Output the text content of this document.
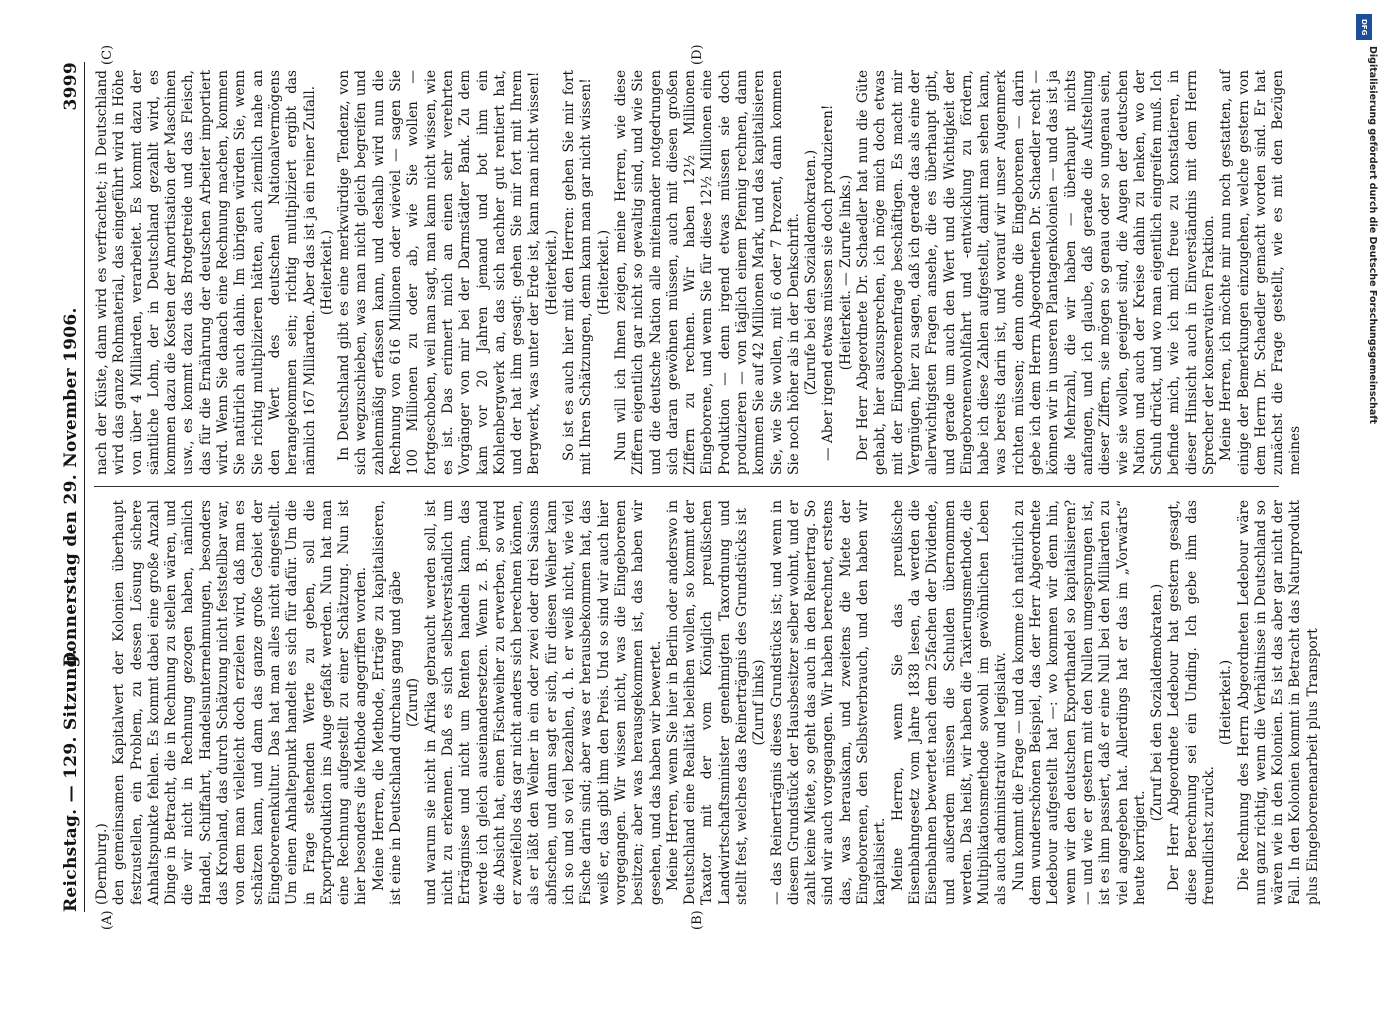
Reichstag. — 129. Sitzung.
Donnerstag den 29. November 1906.
3999
(A)	(B)
(C)	(D)

(Dernburg.) den gemeinsamen Kapitalwert der Kolonien überhaupt festzustellen, ein Problem, zu dessen Lösung sichere Anhaltspunkte fehlen. Es kommt dabei eine große Anzahl Dinge in Betracht, die in Rechnung zu stellen wären, und die wir nicht in Rechnung gezogen haben, nämlich Handel, Schiffahrt, Handelsunternehmungen, besonders das Kronland, das durch Schätzung nicht feststellbar war, von dem man vielleicht doch erzielen wird, daß man es schätzen kann, und dann das ganze große Gebiet der Eingeborenenkultur. Das hat man alles nicht eingestellt. Um einen Anhaltepunkt handelt es sich für dafür. Um die in Frage stehenden Werte zu geben, soll die Exportproduktion ins Auge gefaßt werden. Nun hat man eine Rechnung aufgestellt zu einer Schätzung. Nun ist hier besonders die Methode angegriffen worden. Meine Herren, die Methode, Erträge zu kapitalisieren, ist eine in Deutschland durchaus gang und gäbe (Zuruf) und warum sie nicht in Afrika gebraucht werden soll, ist nicht zu erkennen. Daß es sich selbstverständlich um Erträgnisse und nicht um Renten handeln kann, das werde ich gleich auseinandersetzen. Wenn z. B. jemand die Absicht hat, einen Fischweiher zu erwerben, so wird er zweifellos das gar nicht anders sich berechnen können, als er läßt den Weiher in ein oder zwei oder drei Saisons abfischen, und dann sagt er sich, für diesen Weiher kann ich so und so viel bezahlen, d. h. er weiß nicht, wie viel Fische darin sind; aber was er herausbekommen hat, das weiß er, das gibt ihm den Preis. Und so sind wir auch hier vorgegangen. Wir wissen nicht, was die Eingeborenen besitzen; aber was herausgekommen ist, das haben wir gesehen, und das haben wir bewertet. Meine Herren, wenn Sie hier in Berlin oder anderswo in Deutschland eine Realität beleihen wollen, so kommt der Taxator mit der vom Königlich preußischen Landwirtschaftsminister genehmigten Taxordnung und stellt fest, welches das Reinerträgnis des Grundstücks ist (Zuruf links) — das Reinerträgnis dieses Grundstücks ist; und wenn in diesem Grundstück der Hausbesitzer selber wohnt, und er zahlt keine Miete, so geht das auch in den Reinertrag. So sind wir auch vorgegangen. Wir haben berechnet, erstens das, was herauskam, und zweitens die Miete der Eingeborenen, den Selbstverbrauch, und den haben wir kapitalisiert. Meine Herren, wenn Sie das preußische Eisenbahngesetz vom Jahre 1838 lesen, da werden die Eisenbahnen bewertet nach dem 25fachen der Dividende, und außerdem müssen die Schulden übernommen werden. Das heißt, wir haben die Taxierungsmethode, die Multiplikationsmethode sowohl im gewöhnlichen Leben als auch administrativ und legislativ. Nun kommt die Frage — und da komme ich natürlich zu dem wunderschönen Beispiel, das der Herr Abgeordnete Ledebour aufgestellt hat —: wo kommen wir denn hin, wenn wir den deutschen Exporthandel so kapitalisieren? — und wie er gestern mit den Nullen umgesprungen ist, ist es ihm passiert, daß er eine Null bei den Milliarden zu viel angegeben hat. Allerdings hat er das im „Vorwärts“ heute korrigiert.

(Zuruf bei den Sozialdemokraten.) Der Herr Abgeordnete Ledebour hat gestern gesagt, diese Berechnung sei ein Unding. Ich gebe ihm das freundlichst zurück.

(Heiterkeit.) Die Rechnung des Herrn Abgeordneten Ledebour wäre nun ganz richtig, wenn die Verhältnisse in Deutschland so wären wie in den Kolonien. Es ist das aber gar nicht der Fall. In den Kolonien kommt in Betracht das Naturprodukt plus Eingeborenenarbeit plus Transport

nach der Küste, dann wird es verfrachtet; in Deutschland wird das ganze Rohmaterial, das eingeführt wird in Höhe von über 4 Milliarden, verarbeitet. Es kommt dazu der sämtliche Lohn, der in Deutschland gezahlt wird, es kommen dazu die Kosten der Amortisation der Maschinen usw., es kommt dazu das Brotgetreide und das Fleisch, das für die Ernährung der deutschen Arbeiter importiert wird. Wenn Sie danach eine Rechnung machen, kommen Sie natürlich auch dahin. Im übrigen würden Sie, wenn Sie richtig multiplizieren hätten, auch ziemlich nahe an den Wert des deutschen Nationalvermögens herangekommen sein; richtig multipliziert ergibt das nämlich 167 Milliarden. Aber das ist ja ein reiner Zufall. (Heiterkeit.) In Deutschland gibt es eine merkwürdige Tendenz, von sich wegzuschieben, was man nicht gleich begreifen und zahlenmäßig erfassen kann, und deshalb wird nun die Rechnung von 616 Millionen oder wieviel — sagen Sie 100 Millionen zu oder ab, wie Sie wollen — fortgeschoben, weil man sagt, man kann nicht wissen, wie es ist. Das erinnert mich an einen sehr verehrten Vorgänger von mir bei der Darmstädter Bank. Zu dem kam vor 20 Jahren jemand und bot ihm ein Kohlenbergwerk an, das sich nachher gut rentiert hat, und der hat ihm gesagt: gehen Sie mir fort mit Ihrem Bergwerk, was unter der Erde ist, kann man nicht wissen! (Heiterkeit.) So ist es auch hier mit den Herren: gehen Sie mir fort mit Ihren Schätzungen, denn kann man gar nicht wissen! (Heiterkeit.) Nun will ich Ihnen zeigen, meine Herren, wie diese Ziffern eigentlich gar nicht so gewaltig sind, und wie Sie und die deutsche Nation alle miteinander notgedrungen sich daran gewöhnen müssen, auch mit diesen großen Ziffern zu rechnen. Wir haben 12½ Millionen Eingeborene, und wenn Sie für diese 12½ Millionen eine Produktion — denn irgend etwas müssen sie doch produzieren — von täglich einem Pfennig rechnen, dann kommen Sie auf 42 Millionen Mark, und das kapitalisieren Sie, wie Sie wollen, mit 6 oder 7 Prozent, dann kommen Sie noch höher als in der Denkschrift. (Zurufe bei den Sozialdemokraten.) — Aber irgend etwas müssen sie doch produzieren! (Heiterkeit. — Zurufe links.) Der Herr Abgeordnete Dr. Schaedler hat nun die Güte gehabt, hier auszusprechen, ich möge mich doch etwas mit der Eingeborenenfrage beschäftigen. Es macht mir Vergnügen, hier zu sagen, daß ich gerade das als eine der allerwichtigsten Fragen ansehe, die es überhaupt gibt, und gerade um auch den Wert und die Wichtigkeit der Eingeborenenwohlfahrt und -entwicklung zu fördern, habe ich diese Zahlen aufgestellt, damit man sehen kann, was bereits darin ist, und worauf wir unser Augenmerk richten müssen; denn ohne die Eingeborenen — darin gebe ich dem Herrn Abgeordneten Dr. Schaedler recht — können wir in unseren Plantagenkolonien — und das ist ja die Mehrzahl, die wir haben — überhaupt nichts anfangen, und ich glaube, daß gerade die Aufstellung dieser Ziffern, sie mögen so genau oder so ungenau sein, wie sie wollen, geeignet sind, die Augen der deutschen Nation und auch der Kreise dahin zu lenken, wo der Schuh drückt, und wo man eigentlich eingreifen muß. Ich befinde mich, wie ich mich freue zu konstatieren, in dieser Hinsicht auch in Einverständnis mit dem Herrn Sprecher der konservativen Fraktion. Meine Herren, ich möchte mir nun noch gestatten, auf einige der Bemerkungen einzugehen, welche gestern von dem Herrn Dr. Schaedler gemacht worden sind. Er hat zunächst die Frage gestellt, wie es mit den Bezügen meines

DFG
Digitalisierung gefördert durch die Deutsche Forschungsgemeinschaft
